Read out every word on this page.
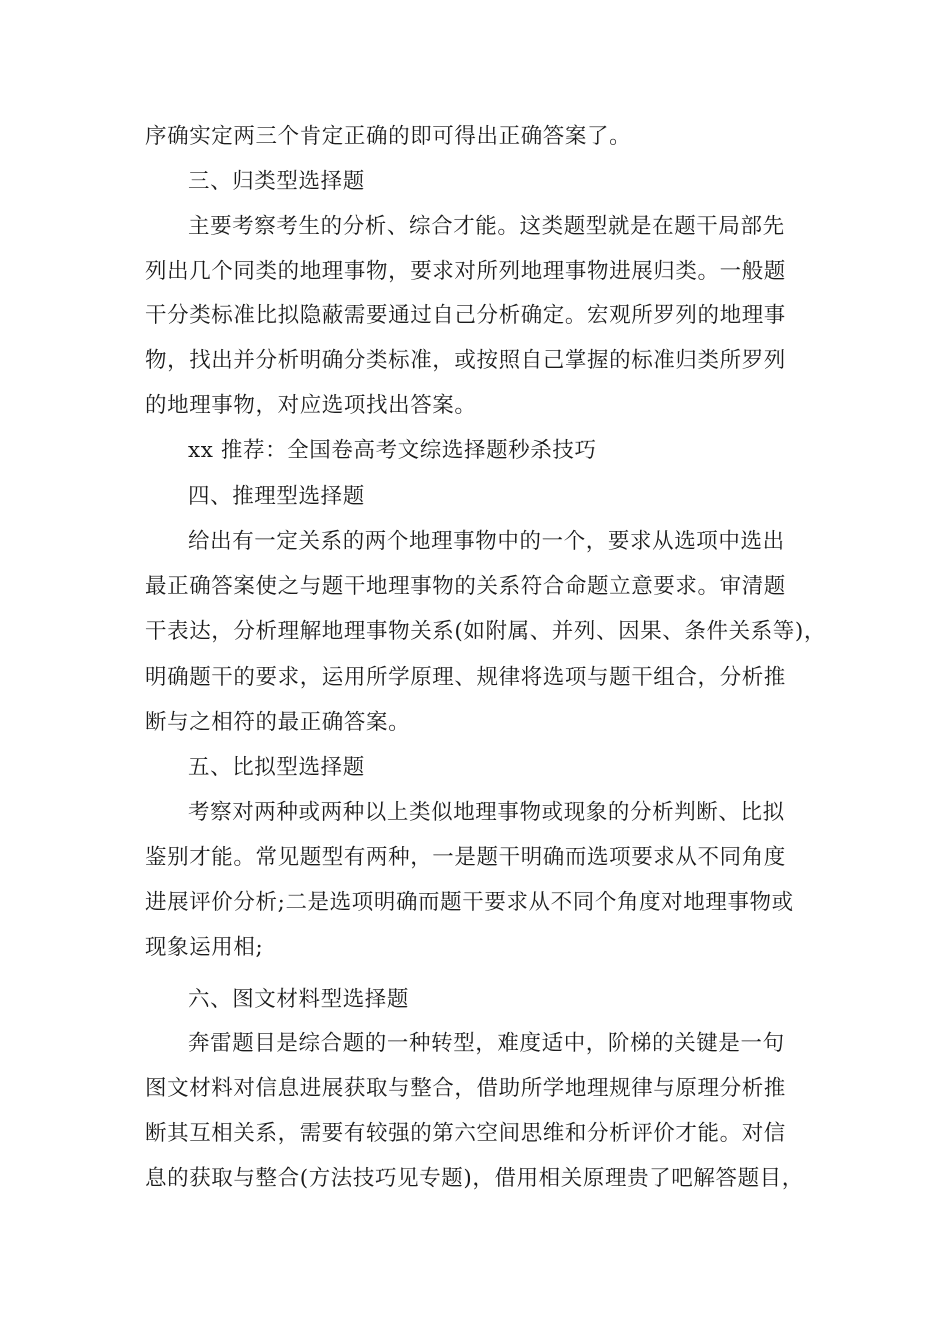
序确实定两三个肯定正确的即可得出正确答案了。
三、归类型选择题
主要考察考生的分析、综合才能。这类题型就是在题干局部先
列出几个同类的地理事物，要求对所列地理事物进展归类。一般题
干分类标准比拟隐蔽需要通过自己分析确定。宏观所罗列的地理事
物，找出并分析明确分类标准，或按照自己掌握的标准归类所罗列
的地理事物，对应选项找出答案。
xx 推荐：全国卷高考文综选择题秒杀技巧
四、推理型选择题
给出有一定关系的两个地理事物中的一个，要求从选项中选出
最正确答案使之与题干地理事物的关系符合命题立意要求。审清题
干表达，分析理解地理事物关系(如附属、并列、因果、条件关系等)，
明确题干的要求，运用所学原理、规律将选项与题干组合，分析推
断与之相符的最正确答案。
五、比拟型选择题
考察对两种或两种以上类似地理事物或现象的分析判断、比拟
鉴别才能。常见题型有两种，一是题干明确而选项要求从不同角度
进展评价分析;二是选项明确而题干要求从不同个角度对地理事物或
现象运用相;
六、图文材料型选择题
奔雷题目是综合题的一种转型，难度适中，阶梯的关键是一句
图文材料对信息进展获取与整合，借助所学地理规律与原理分析推
断其互相关系，需要有较强的第六空间思维和分析评价才能。对信
息的获取与整合(方法技巧见专题)，借用相关原理贵了吧解答题目，
